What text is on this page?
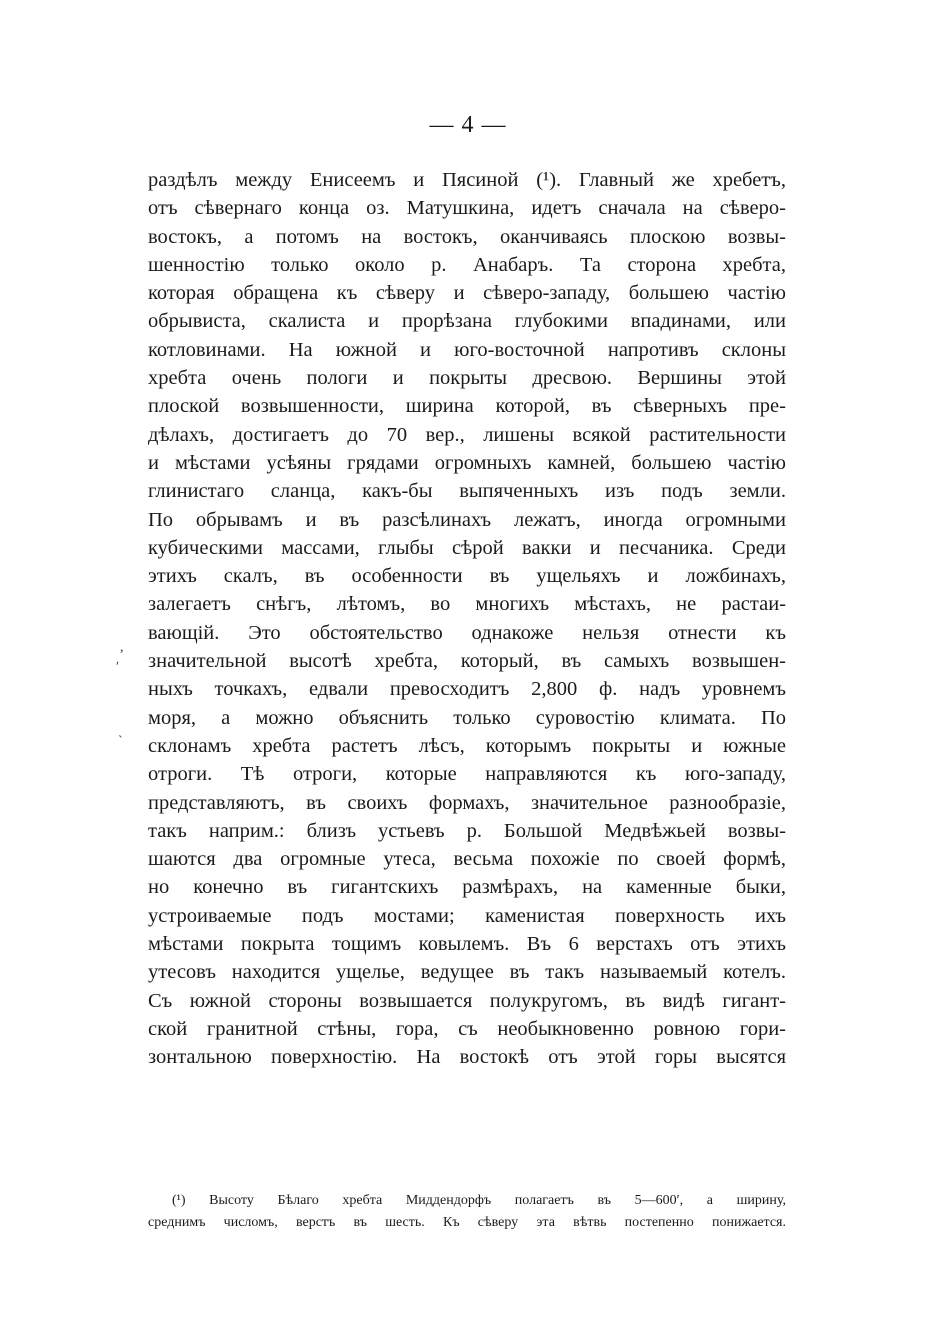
— 4 —
раздѣлъ между Енисеемъ и Пясиной (¹). Главный же хребетъ,
отъ сѣвернаго конца оз. Матушкина, идетъ сначала на сѣверо-
востокъ, а потомъ на востокъ, оканчиваясь плоскою возвы-
шенностію только около р. Анабаръ. Та сторона хребта,
которая обращена къ сѣверу и сѣверо-западу, большею частію
обрывиста, скалиста и прорѣзана глубокими впадинами, или
котловинами. На южной и юго-восточной напротивъ склоны
хребта очень пологи и покрыты дресвою. Вершины этой
плоской возвышенности, ширина которой, въ сѣверныхъ пре-
дѣлахъ, достигаетъ до 70 вер., лишены всякой растительности
и мѣстами усѣяны грядами огромныхъ камней, большею частію
глинистаго сланца, какъ-бы выпяченныхъ изъ подъ земли.
По обрывамъ и въ разсѣлинахъ лежатъ, иногда огромными
кубическими массами, глыбы сѣрой вакки и песчаника. Среди
этихъ скалъ, въ особенности въ ущельяхъ и ложбинахъ,
залегаетъ снѣгъ, лѣтомъ, во многихъ мѣстахъ, не растаи-
вающій. Это обстоятельство однакоже нельзя отнести къ
значительной высотѣ хребта, который, въ самыхъ возвышен-
ныхъ точкахъ, едвали превосходитъ 2,800 ф. надъ уровнемъ
моря, а можно объяснить только суровостію климата. По
склонамъ хребта растетъ лѣсъ, которымъ покрыты и южные
отроги. Тѣ отроги, которые направляются къ юго-западу,
представляютъ, въ своихъ формахъ, значительное разнообразіе,
такъ наприм.: близъ устьевъ р. Большой Медвѣжьей возвы-
шаются два огромные утеса, весьма похожіе по своей формѣ,
но конечно въ гигантскихъ размѣрахъ, на каменные быки,
устроиваемые подъ мостами; каменистая поверхность ихъ
мѣстами покрыта тощимъ ковылемъ. Въ 6 верстахъ отъ этихъ
утесовъ находится ущелье, ведущее въ такъ называемый котелъ.
Съ южной стороны возвышается полукругомъ, въ видѣ гигант-
ской гранитной стѣны, гора, съ необыкновенно ровною гори-
зонтальною поверхностію. На востокѣ отъ этой горы высятся
(¹) Высоту Бѣлаго хребта Миддендорфъ полагаетъ въ 5—600′, а ширину,
среднимъ числомъ, верстъ въ шесть. Къ сѣверу эта вѣтвь постепенно понижается.
,
ʹ
˴
